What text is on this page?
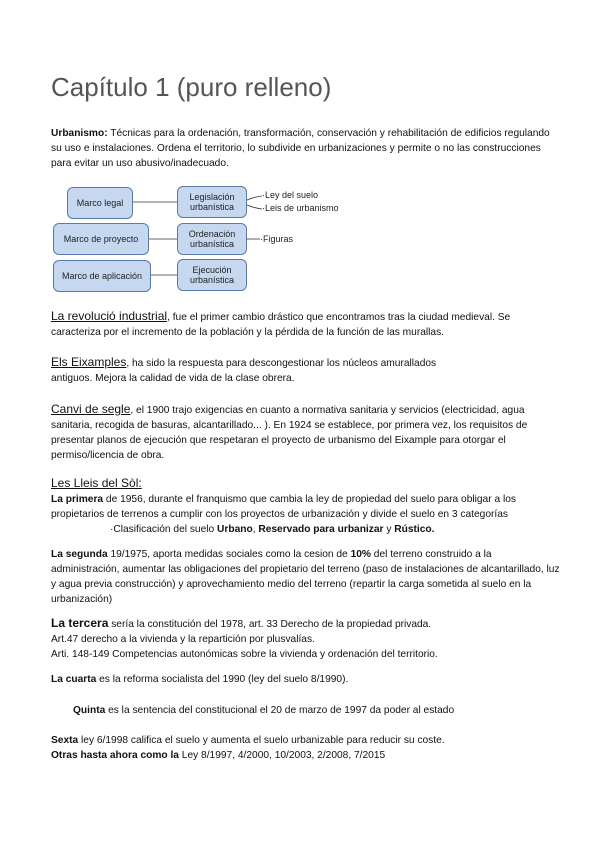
Capítulo 1 (puro relleno)
Urbanismo: Técnicas para la ordenación, transformación, conservación y rehabilitación de edificios regulando su uso e instalaciones. Ordena el territorio, lo subdivide en urbanizaciones y permite o no las construcciones para evitar un uso abusivo/inadecuado.
Marco legal
Marco de proyecto
Marco de aplicación
Legislación urbanística
Ordenación urbanística
Ejecución urbanística
·Ley del suelo
·Leis de urbanismo
·Figuras
La revolució industrial, fue el primer cambio drástico que encontramos tras la ciudad medieval. Se caracteriza por el incremento de la población y la pérdida de la función de las murallas.
Els Eixamples, ha sido la respuesta para descongestionar los núcleos amurallados
antiguos. Mejora la calidad de vida de la clase obrera.
Canvi de segle, el 1900 trajo exigencias en cuanto a normativa sanitaria y servicios (electricidad, agua sanitaria, recogida de basuras, alcantarillado... ). En 1924 se establece, por primera vez, los requisitos de presentar planos de ejecución que respetaran el proyecto de urbanismo del Eixample para otorgar el permiso/licencia de obra.
Les Lleis del Sòl:
La primera de 1956, durante el franquismo que cambia la ley de propiedad del suelo para obligar a los propietarios de terrenos a cumplir con los proyectos de urbanización y divide el suelo en 3 categorías
·Clasificación del suelo Urbano, Reservado para urbanizar y Rústico.
La segunda 19/1975, aporta medidas sociales como la cesion de 10% del terreno construido a la administración, aumentar las obligaciones del propietario del terreno (paso de instalaciones de alcantarillado, luz y agua previa construcción) y aprovechamiento medio del terreno (repartir la carga sometida al suelo en la urbanización)
La tercera sería la constitución del 1978, art. 33 Derecho de la propiedad privada.
Art.47 derecho a la vivienda y la repartición por plusvalías.
Arti. 148-149 Competencias autonómicas sobre la vivienda y ordenación del territorio.
La cuarta es la reforma socialista del 1990 (ley del suelo 8/1990).
Quinta es la sentencia del constitucional el 20 de marzo de 1997 da poder al estado
Sexta ley 6/1998 califica el suelo y aumenta el suelo urbanizable para reducir su coste.
Otras hasta ahora como la Ley 8/1997, 4/2000, 10/2003, 2/2008, 7/2015
